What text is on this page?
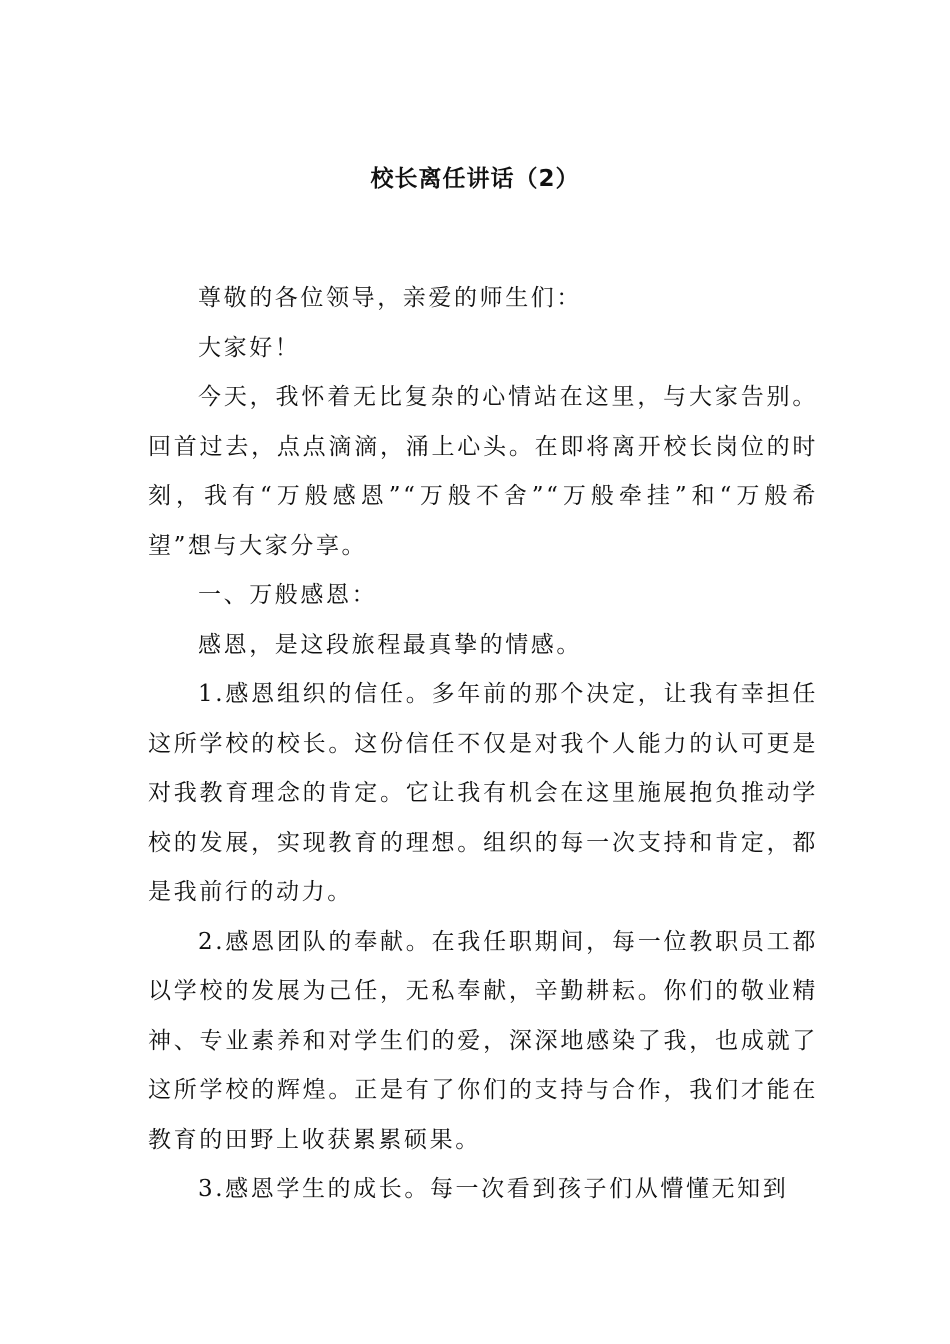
校长离任讲话（2）

尊敬的各位领导，亲爱的师生们：

大家好！

今天，我怀着无比复杂的心情站在这里，与大家告别。回首过去，点点滴滴，涌上心头。在即将离开校长岗位的时刻，我有“万般感恩”“万般不舍”“万般牵挂”和“万般希望”想与大家分享。

一、万般感恩：

感恩，是这段旅程最真挚的情感。

1.感恩组织的信任。多年前的那个决定，让我有幸担任这所学校的校长。这份信任不仅是对我个人能力的认可更是对我教育理念的肯定。它让我有机会在这里施展抱负推动学校的发展，实现教育的理想。组织的每一次支持和肯定，都是我前行的动力。

2.感恩团队的奉献。在我任职期间，每一位教职员工都以学校的发展为己任，无私奉献，辛勤耕耘。你们的敬业精神、专业素养和对学生们的爱，深深地感染了我，也成就了这所学校的辉煌。正是有了你们的支持与合作，我们才能在教育的田野上收获累累硕果。

3.感恩学生的成长。每一次看到孩子们从懵懂无知到
